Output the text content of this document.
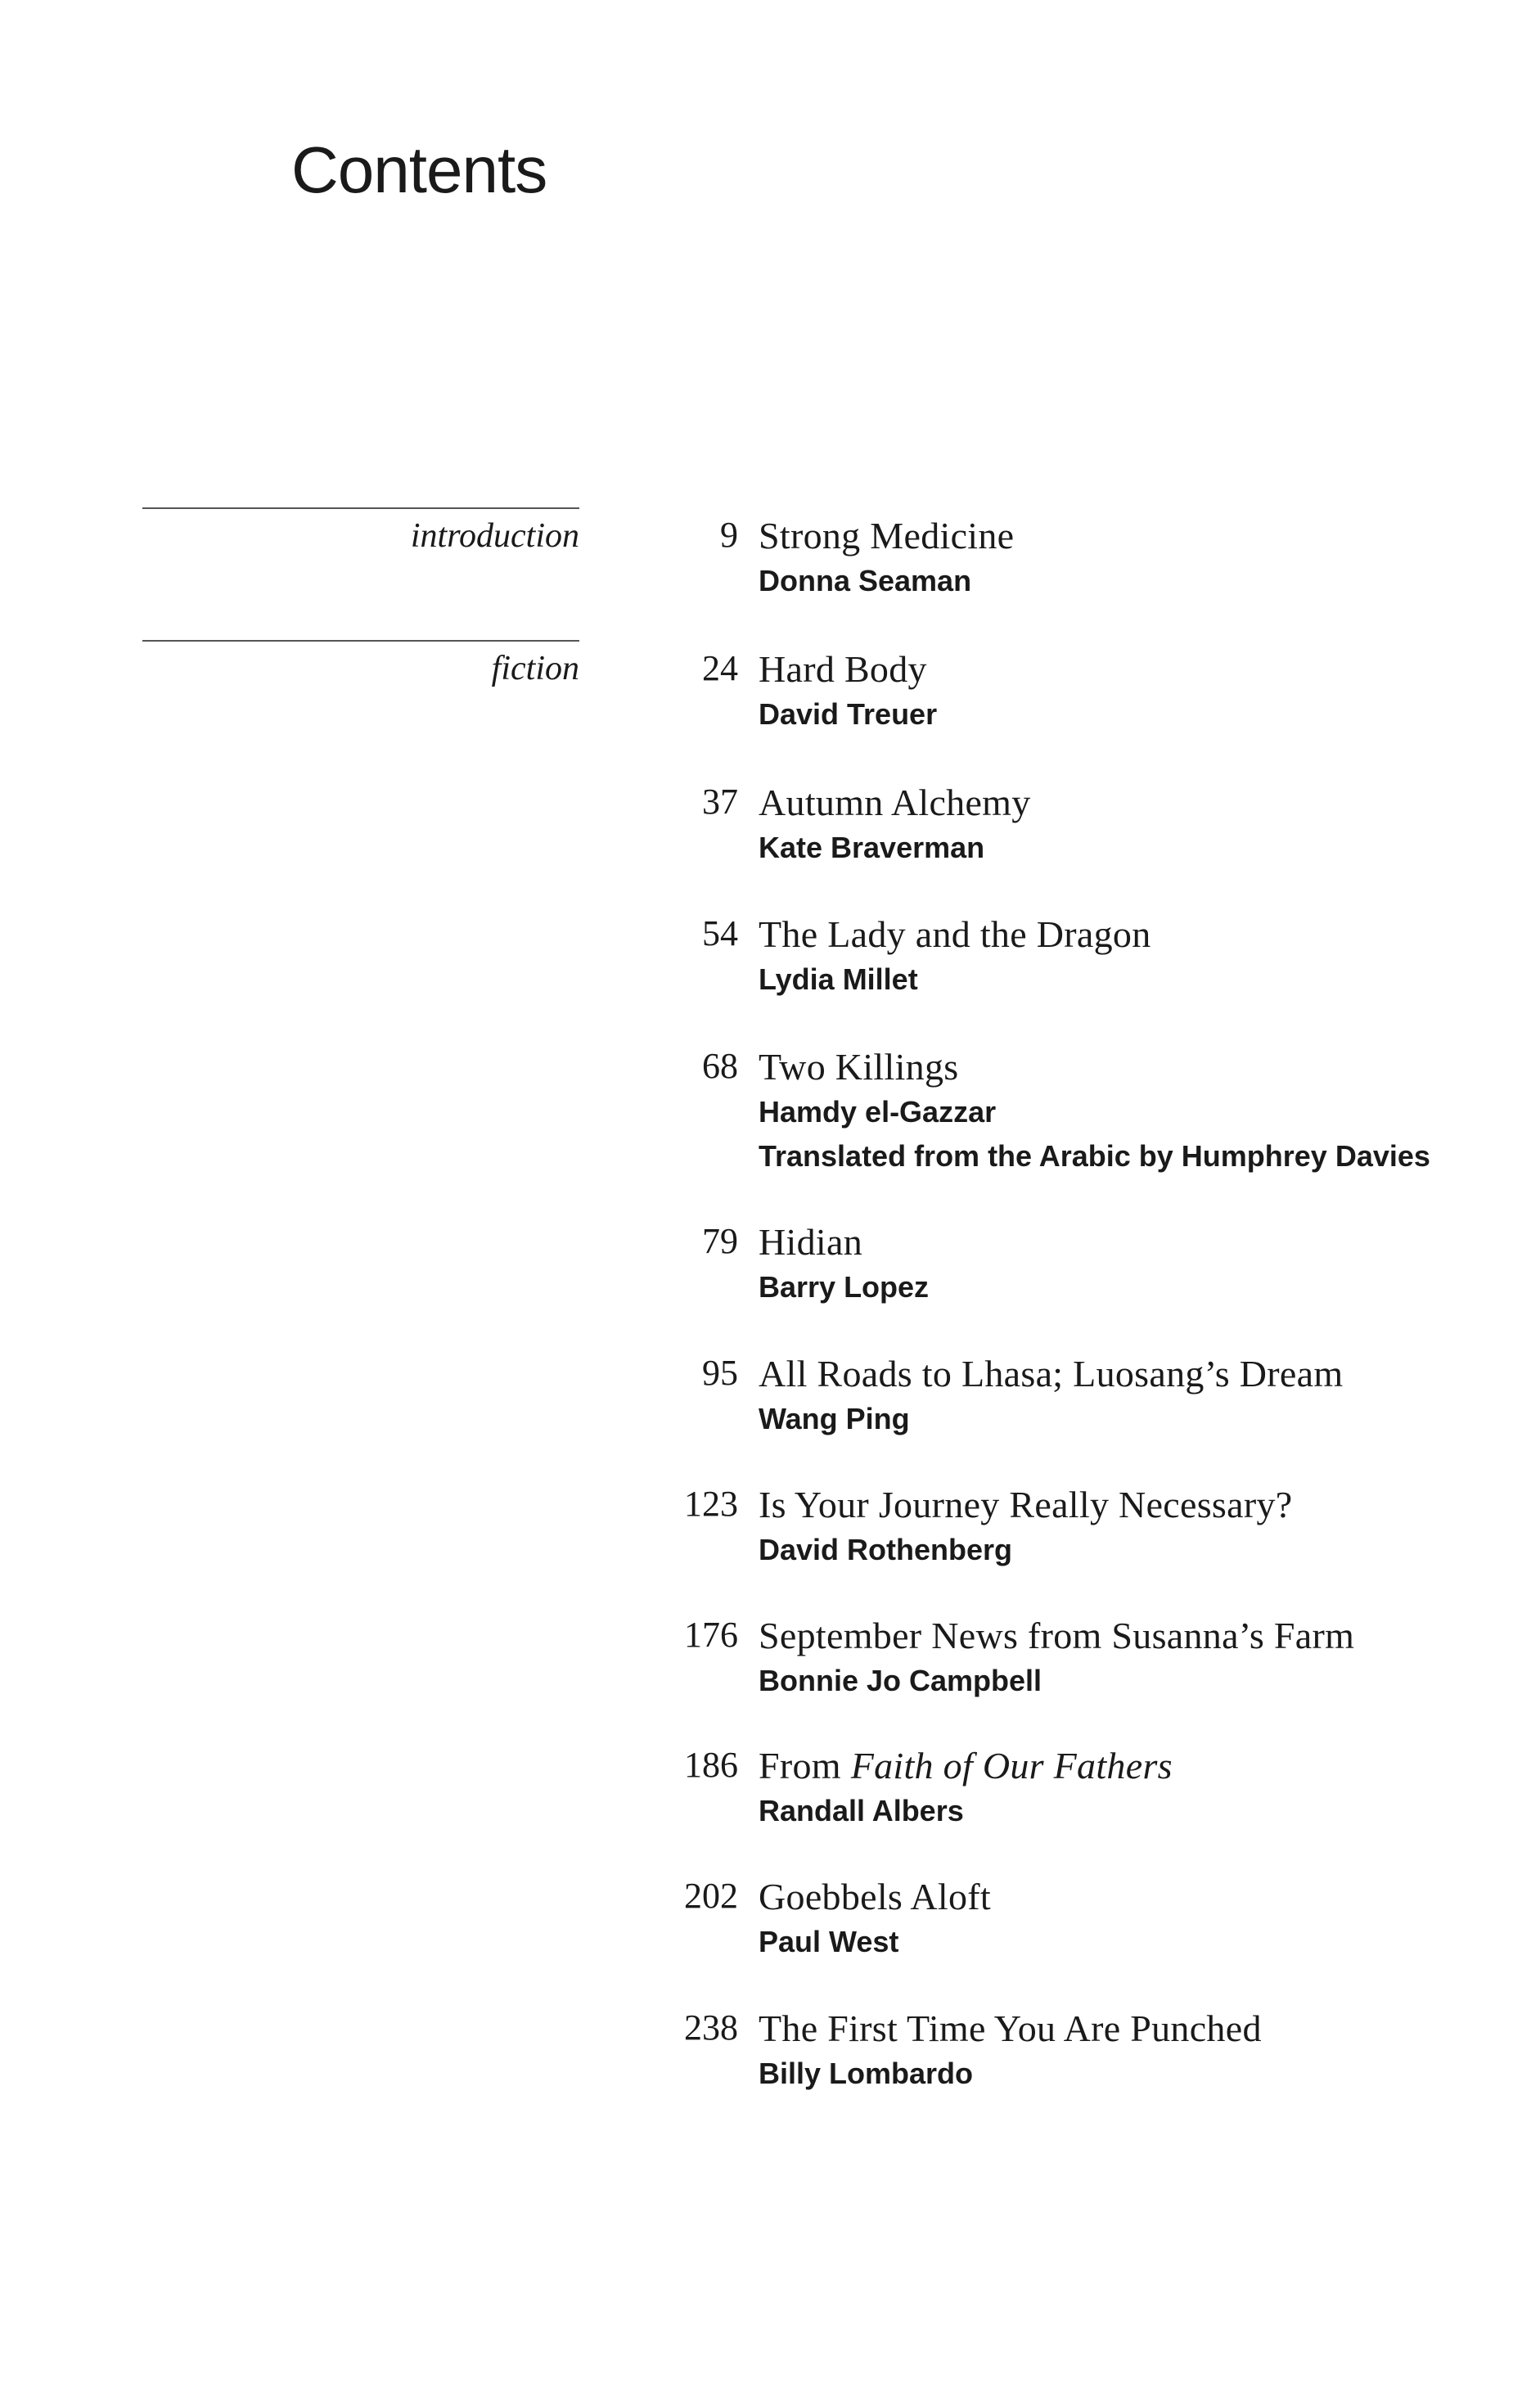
Contents
introduction
fiction
9 Strong Medicine
Donna Seaman
24 Hard Body
David Treuer
37 Autumn Alchemy
Kate Braverman
54 The Lady and the Dragon
Lydia Millet
68 Two Killings
Hamdy el-Gazzar
Translated from the Arabic by Humphrey Davies
79 Hidian
Barry Lopez
95 All Roads to Lhasa; Luosang’s Dream
Wang Ping
123 Is Your Journey Really Necessary?
David Rothenberg
176 September News from Susanna’s Farm
Bonnie Jo Campbell
186 From Faith of Our Fathers
Randall Albers
202 Goebbels Aloft
Paul West
238 The First Time You Are Punched
Billy Lombardo
